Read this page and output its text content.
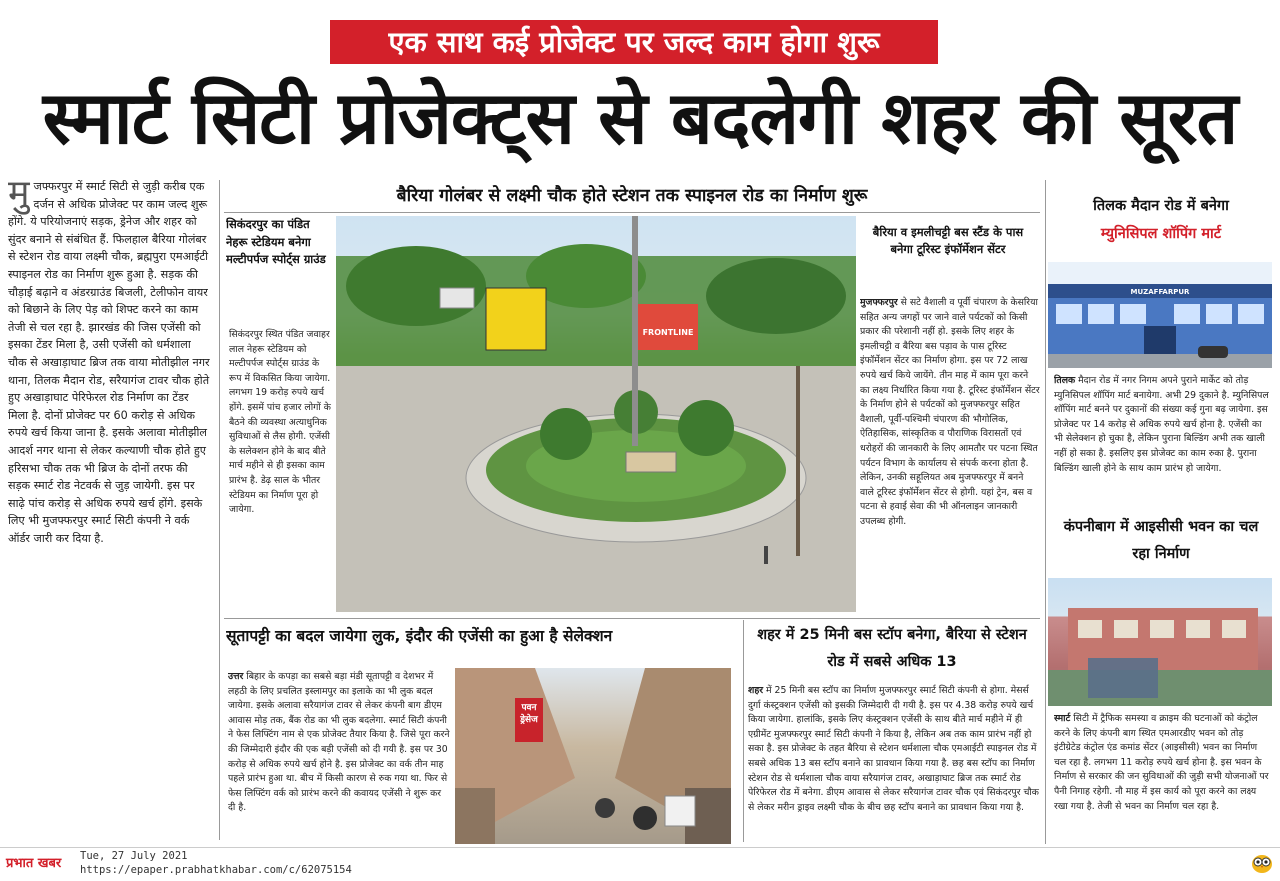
एक साथ कई प्रोजेक्ट पर जल्द काम होगा शुरू
स्मार्ट सिटी प्रोजेक्ट्स से बदलेगी शहर की सूरत
मुजफ्फरपुर में स्मार्ट सिटी से जुड़ी करीब एक दर्जन से अधिक प्रोजेक्ट पर काम जल्द शुरू होंगे. ये परियोजनाएं सड़क, ड्रेनेज और शहर को सुंदर बनाने से संबंधित हैं. फिलहाल बैरिया गोलंबर से स्टेशन रोड वाया लक्ष्मी चौक, ब्रह्मपुरा एमआईटी स्पाइनल रोड का निर्माण शुरू हुआ है. सड़क की चौड़ाई बढ़ाने व अंडरग्राउंड बिजली, टेलीफोन वायर को बिछाने के लिए पेड़ को शिफ्ट करने का काम तेजी से चल रहा है. झारखंड की जिस एजेंसी को इसका टेंडर मिला है, उसी एजेंसी को धर्मशाला चौक से अखाड़ाघाट ब्रिज तक वाया मोतीझील नगर थाना, तिलक मैदान रोड, सरैयागंज टावर चौक होते हुए अखाड़ाघाट पेरिफेरल रोड निर्माण का टेंडर मिला है. दोनों प्रोजेक्ट पर 60 करोड़ से अधिक रुपये खर्च किया जाना है. इसके अलावा मोतीझील आदर्श नगर थाना से लेकर कल्याणी चौक होते हुए हरिसभा चौक तक भी ब्रिज के दोनों तरफ की सड़क स्मार्ट रोड नेटवर्क से जुड़ जायेगी. इस पर साढ़े पांच करोड़ से अधिक रुपये खर्च होंगे. इसके लिए भी मुजफ्फरपुर स्मार्ट सिटी कंपनी ने वर्क ऑर्डर जारी कर दिया है.
बैरिया गोलंबर से लक्ष्मी चौक होते स्टेशन तक स्पाइनल रोड का निर्माण शुरू
सिकंदरपुर का पंडित नेहरू स्टेडियम बनेगा मल्टीपर्पज स्पोर्ट्स ग्राउंड
सिकंदरपुर स्थित पंडित जवाहर लाल नेहरू स्टेडियम को मल्टीपर्पज स्पोर्ट्स ग्राउंड के रूप में विकसित किया जायेगा. लगभग 19 करोड़ रुपये खर्च होंगे. इसमें पांच हजार लोगों के बैठने की व्यवस्था अत्याधुनिक सुविधाओं से लैस होगी. एजेंसी के सलेक्शन होने के बाद बीते मार्च महीने से ही इसका काम प्रारंभ है. डेढ़ साल के भीतर स्टेडियम का निर्माण पूरा हो जायेगा.
FRONTLINE
बैरिया व इमलीचट्टी बस स्टैंड के पास बनेगा टूरिस्ट इंफॉर्मेशन सेंटर
मुजफ्फरपुर से सटे वैशाली व पूर्वी चंपारण के केसरिया सहित अन्य जगहों पर जाने वाले पर्यटकों को किसी प्रकार की परेशानी नहीं हो. इसके लिए शहर के इमलीचट्टी व बैरिया बस पड़ाव के पास टूरिस्ट इंफॉर्मेशन सेंटर का निर्माण होगा. इस पर 72 लाख रुपये खर्च किये जायेंगे. तीन माह में काम पूरा करने का लक्ष्य निर्धारित किया गया है. टूरिस्ट इंफॉर्मेशन सेंटर के निर्माण होने से पर्यटकों को मुजफ्फरपुर सहित वैशाली, पूर्वी-पश्चिमी चंपारण की भौगोलिक, ऐतिहासिक, सांस्कृतिक व पौराणिक विरासतों एवं धरोहरों की जानकारी के लिए आमतौर पर पटना स्थित पर्यटन विभाग के कार्यालय से संपर्क करना होता है. लेकिन, उनकी सहूलियत अब मुजफ्फरपुर में बनने वाले टूरिस्ट इंफॉर्मेशन सेंटर से होगी. यहां ट्रेन, बस व पटना से हवाई सेवा की भी ऑनलाइन जानकारी उपलब्ध होगी.
सूतापट्टी का बदल जायेगा लुक, इंदौर की एजेंसी का हुआ है सेलेक्शन
उत्तर बिहार के कपड़ा का सबसे बड़ा मंडी सूतापट्टी व देशभर में लहठी के लिए प्रचलित इस्लामपुर का इलाके का भी लुक बदल जायेगा. इसके अलावा सरैयागंज टावर से लेकर कंपनी बाग डीएम आवास मोड़ तक, बैंक रोड का भी लुक बदलेगा. स्मार्ट सिटी कंपनी ने फेस लिफ्टिंग नाम से एक प्रोजेक्ट तैयार किया है. जिसे पूरा करने की जिम्मेदारी इंदौर की एक बड़ी एजेंसी को दी गयी है. इस पर 30 करोड़ से अधिक रुपये खर्च होने है. इस प्रोजेक्ट का वर्क तीन माह पहले प्रारंभ हुआ था. बीच में किसी कारण से रुक गया था. फिर से फेस लिफ्टिंग वर्क को प्रारंभ करने की कवायद एजेंसी ने शुरू कर दी है.
पवन ड्रेसेज
शहर में 25 मिनी बस स्टॉप बनेगा, बैरिया से स्टेशन रोड में सबसे अधिक 13
शहर में 25 मिनी बस स्टॉप का निर्माण मुजफ्फरपुर स्मार्ट सिटी कंपनी से होगा. मेसर्स दुर्गा कंस्ट्रक्शन एजेंसी को इसकी जिम्मेदारी दी गयी है. इस पर 4.38 करोड़ रुपये खर्च किया जायेगा. हालांकि, इसके लिए कंस्ट्रक्शन एजेंसी के साथ बीते मार्च महीने में ही एग्रीमेंट मुजफ्फरपुर स्मार्ट सिटी कंपनी ने किया है, लेकिन अब तक काम प्रारंभ नहीं हो सका है. इस प्रोजेक्ट के तहत बैरिया से स्टेशन धर्मशाला चौक एमआईटी स्पाइनल रोड में सबसे अधिक 13 बस स्टॉप बनाने का प्रावधान किया गया है. छह बस स्टॉप का निर्माण स्टेशन रोड से धर्मशाला चौक वाया सरैयागंज टावर, अखाड़ाघाट ब्रिज तक स्मार्ट रोड पेरिफेरल रोड में बनेगा. डीएम आवास से लेकर सरैयागंज टावर चौक एवं सिकंदरपुर चौक से लेकर मरीन ड्राइव लक्ष्मी चौक के बीच छह स्टॉप बनाने का प्रावधान किया गया है.
तिलक मैदान रोड में बनेगा
म्युनिसिपल शॉपिंग मार्ट
MUZAFFARPUR
तिलक मैदान रोड में नगर निगम अपने पुराने मार्केट को तोड़ म्युनिसिपल शॉपिंग मार्ट बनायेगा. अभी 29 दुकाने है. म्युनिसिपल शॉपिंग मार्ट बनने पर दुकानों की संख्या कई गुना बढ़ जायेगा. इस प्रोजेक्ट पर 14 करोड़ से अधिक रुपये खर्च होना है. एजेंसी का भी सेलेक्शन हो चुका है, लेकिन पुराना बिल्डिंग अभी तक खाली नहीं हो सका है. इसलिए इस प्रोजेक्ट का काम रुका है. पुराना बिल्डिंग खाली होने के साथ काम प्रारंभ हो जायेगा.
कंपनीबाग में आइसीसी भवन का चल रहा निर्माण
स्मार्ट सिटी में ट्रैफिक समस्या व क्राइम की घटनाओं को कंट्रोल करने के लिए कंपनी बाग स्थित एमआरडीए भवन को तोड़ इंटीग्रेटेड कंट्रोल एंड कमांड सेंटर (आइसीसी) भवन का निर्माण चल रहा है. लगभग 11 करोड़ रुपये खर्च होना है. इस भवन के निर्माण से सरकार की जन सुविधाओं की जुड़ी सभी योजनाओं पर पैनी निगाह रहेगी. नौ माह में इस कार्य को पूरा करने का लक्ष्य रखा गया है. तेजी से भवन का निर्माण चल रहा है.
प्रभात खबर	Tue, 27 July 2021
https://epaper.prabhatkhabar.com/c/62075154
